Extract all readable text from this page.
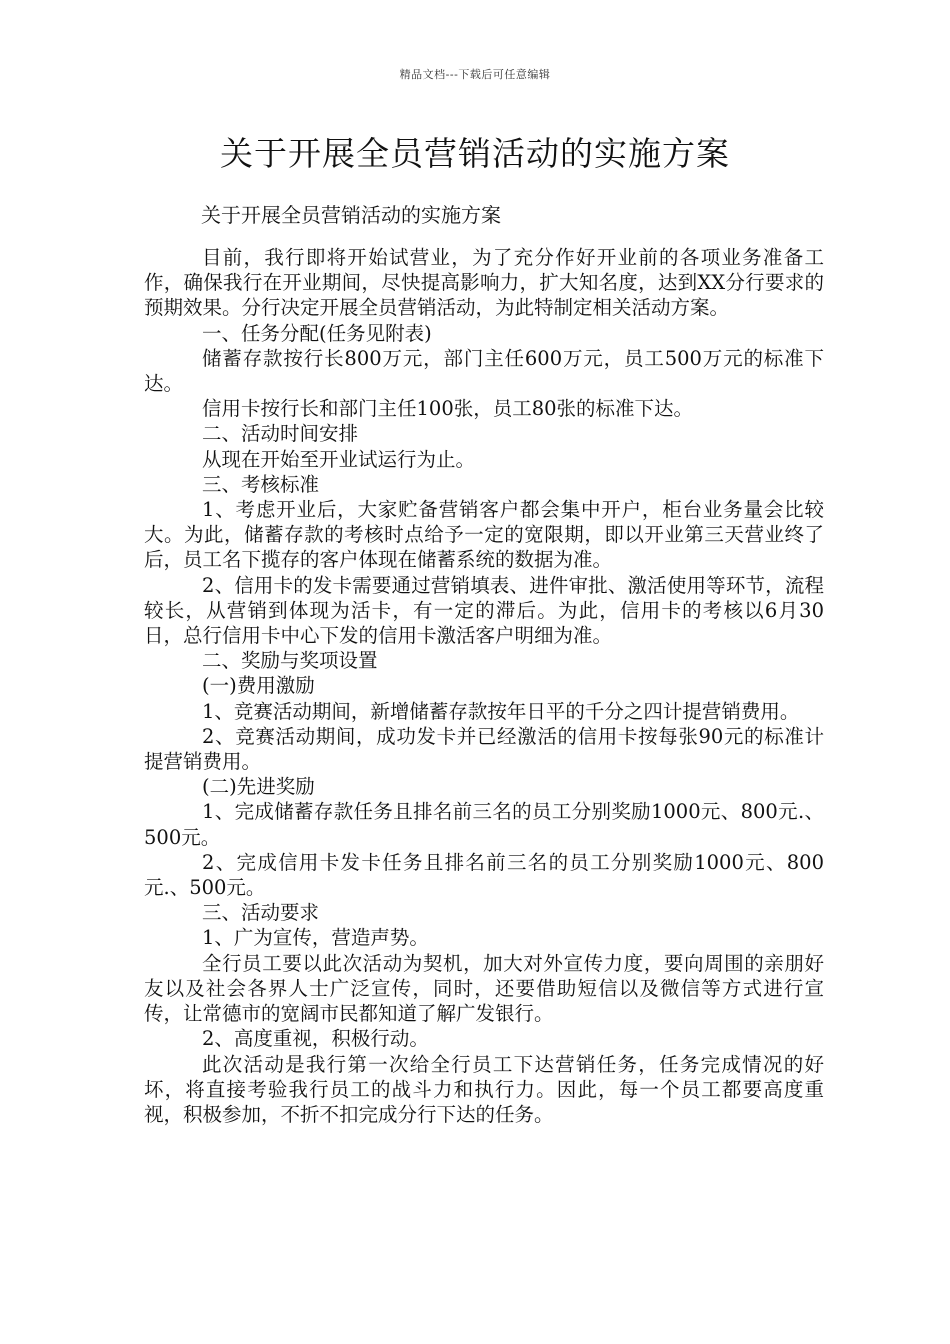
精品文档---下载后可任意编辑
关于开展全员营销活动的实施方案

关于开展全员营销活动的实施方案

目前，我行即将开始试营业，为了充分作好开业前的各项业务准备工作，确保我行在开业期间，尽快提高影响力，扩大知名度，达到XX分行要求的预期效果。分行决定开展全员营销活动，为此特制定相关活动方案。

一、任务分配(任务见附表)

储蓄存款按行长800万元，部门主任600万元，员工500万元的标准下达。

信用卡按行长和部门主任100张，员工80张的标准下达。

二、活动时间安排

从现在开始至开业试运行为止。

三、考核标准

1、考虑开业后，大家贮备营销客户都会集中开户，柜台业务量会比较大。为此，储蓄存款的考核时点给予一定的宽限期，即以开业第三天营业终了后，员工名下揽存的客户体现在储蓄系统的数据为准。

2、信用卡的发卡需要通过营销填表、进件审批、激活使用等环节，流程较长，从营销到体现为活卡，有一定的滞后。为此，信用卡的考核以6月30日，总行信用卡中心下发的信用卡激活客户明细为准。

二、奖励与奖项设置

(一)费用激励

1、竞赛活动期间，新增储蓄存款按年日平的千分之四计提营销费用。

2、竞赛活动期间，成功发卡并已经激活的信用卡按每张90元的标准计提营销费用。

(二)先进奖励

1、完成储蓄存款任务且排名前三名的员工分别奖励1000元、800元.、500元。

2、完成信用卡发卡任务且排名前三名的员工分别奖励1000元、800元.、500元。

三、活动要求

1、广为宣传，营造声势。

全行员工要以此次活动为契机，加大对外宣传力度，要向周围的亲朋好友以及社会各界人士广泛宣传，同时，还要借助短信以及微信等方式进行宣传，让常德市的宽阔市民都知道了解广发银行。

2、高度重视，积极行动。

此次活动是我行第一次给全行员工下达营销任务，任务完成情况的好坏，将直接考验我行员工的战斗力和执行力。因此，每一个员工都要高度重视，积极参加，不折不扣完成分行下达的任务。
